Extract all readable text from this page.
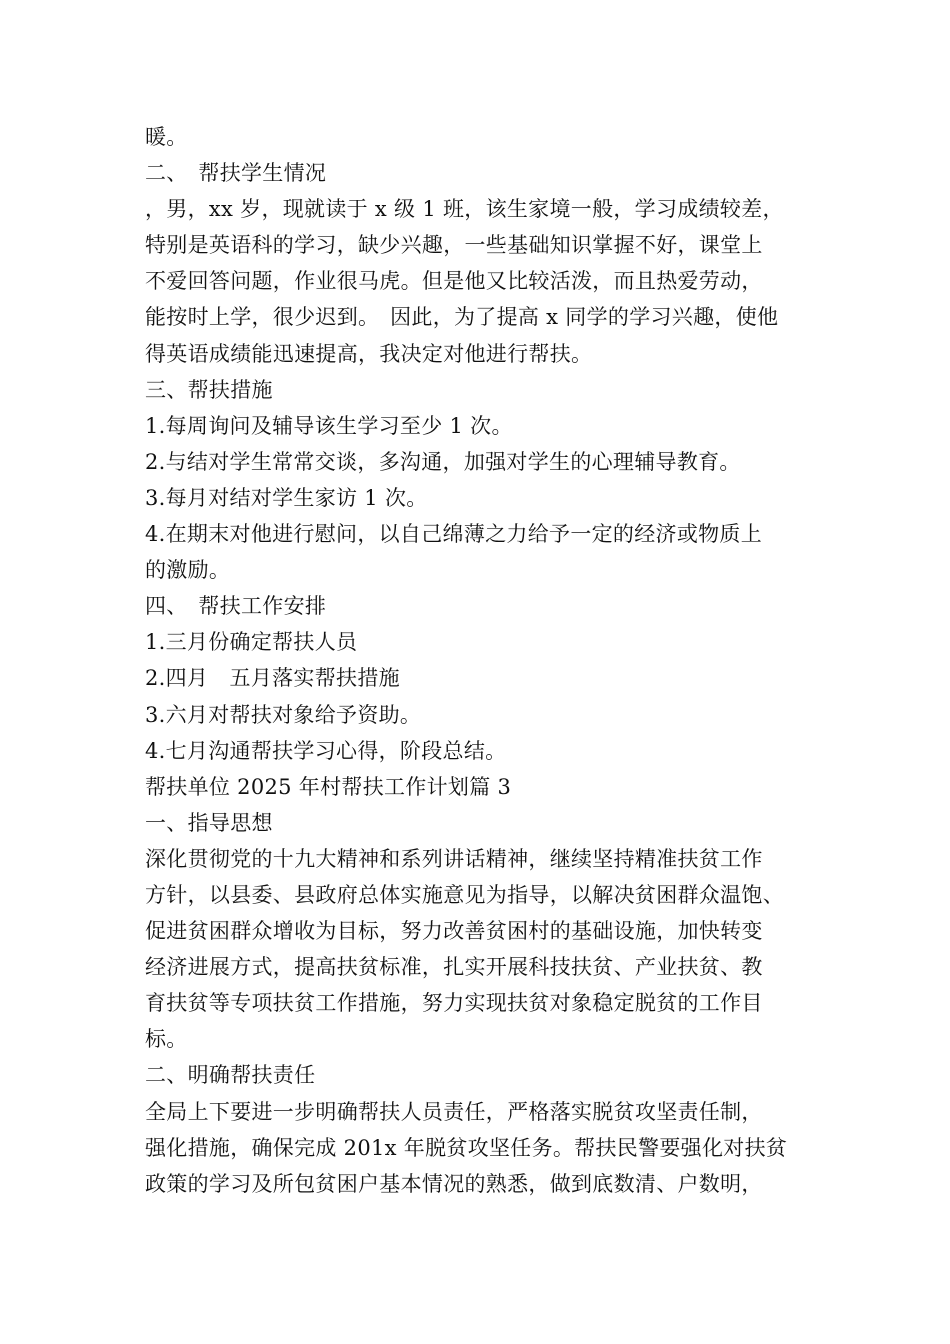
暖。
二、　帮扶学生情况
，男，xx 岁，现就读于 x 级 1 班，该生家境一般，学习成绩较差，
特别是英语科的学习，缺少兴趣，一些基础知识掌握不好，课堂上
不爱回答问题，作业很马虎。但是他又比较活泼，而且热爱劳动，
能按时上学，很少迟到。　因此，为了提高 x 同学的学习兴趣，使他
得英语成绩能迅速提高，我决定对他进行帮扶。
三、帮扶措施
1.每周询问及辅导该生学习至少 1 次。
2.与结对学生常常交谈，多沟通，加强对学生的心理辅导教育。
3.每月对结对学生家访 1 次。
4.在期末对他进行慰问，以自己绵薄之力给予一定的经济或物质上
的激励。
四、　帮扶工作安排
1.三月份确定帮扶人员
2.四月　五月落实帮扶措施
3.六月对帮扶对象给予资助。
4.七月沟通帮扶学习心得，阶段总结。
帮扶单位 2025 年村帮扶工作计划篇 3
一、指导思想
深化贯彻党的十九大精神和系列讲话精神，继续坚持精准扶贫工作
方针，以县委、县政府总体实施意见为指导，以解决贫困群众温饱、
促进贫困群众增收为目标，努力改善贫困村的基础设施，加快转变
经济进展方式，提高扶贫标准，扎实开展科技扶贫、产业扶贫、教
育扶贫等专项扶贫工作措施，努力实现扶贫对象稳定脱贫的工作目
标。
二、明确帮扶责任
全局上下要进一步明确帮扶人员责任，严格落实脱贫攻坚责任制，
强化措施，确保完成 201x 年脱贫攻坚任务。帮扶民警要强化对扶贫
政策的学习及所包贫困户基本情况的熟悉，做到底数清、户数明，
